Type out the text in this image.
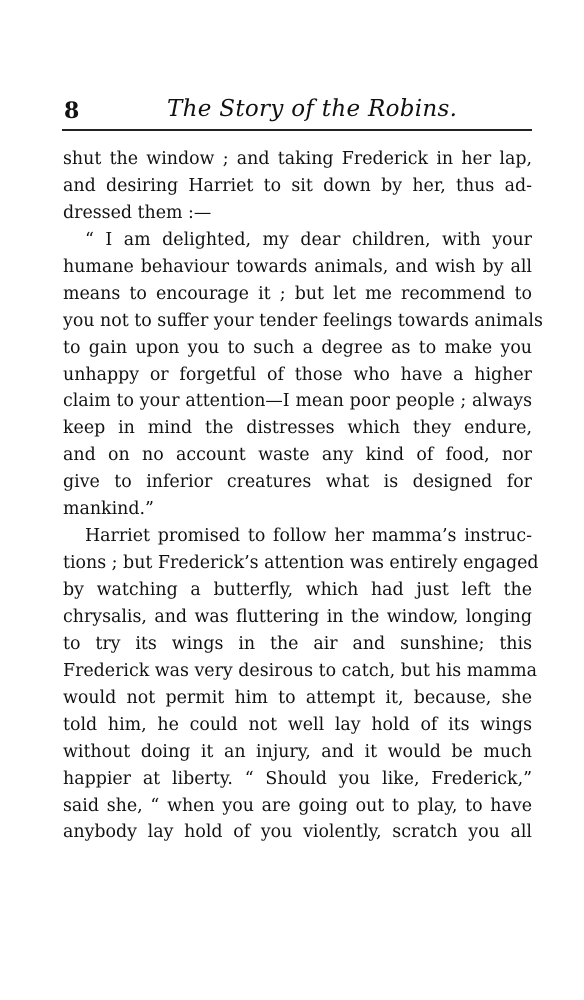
8	The Story of the Robins.
shut the window ; and taking Frederick in her lap,
and desiring Harriet to sit down by her, thus ad-
dressed them :—
“ I am delighted, my dear children, with your
humane behaviour towards animals, and wish by all
means to encourage it ; but let me recommend to
you not to suffer your tender feelings towards animals
to gain upon you to such a degree as to make you
unhappy or forgetful of those who have a higher
claim to your attention—I mean poor people ; always
keep in mind the distresses which they endure,
and on no account waste any kind of food, nor
give to inferior creatures what is designed for
mankind.”
Harriet promised to follow her mamma’s instruc-
tions ; but Frederick’s attention was entirely engaged
by watching a butterfly, which had just left the
chrysalis, and was fluttering in the window, longing
to try its wings in the air and sunshine; this
Frederick was very desirous to catch, but his mamma
would not permit him to attempt it, because, she
told him, he could not well lay hold of its wings
without doing it an injury, and it would be much
happier at liberty. “ Should you like, Frederick,”
said she, “ when you are going out to play, to have
anybody lay hold of you violently, scratch you all
